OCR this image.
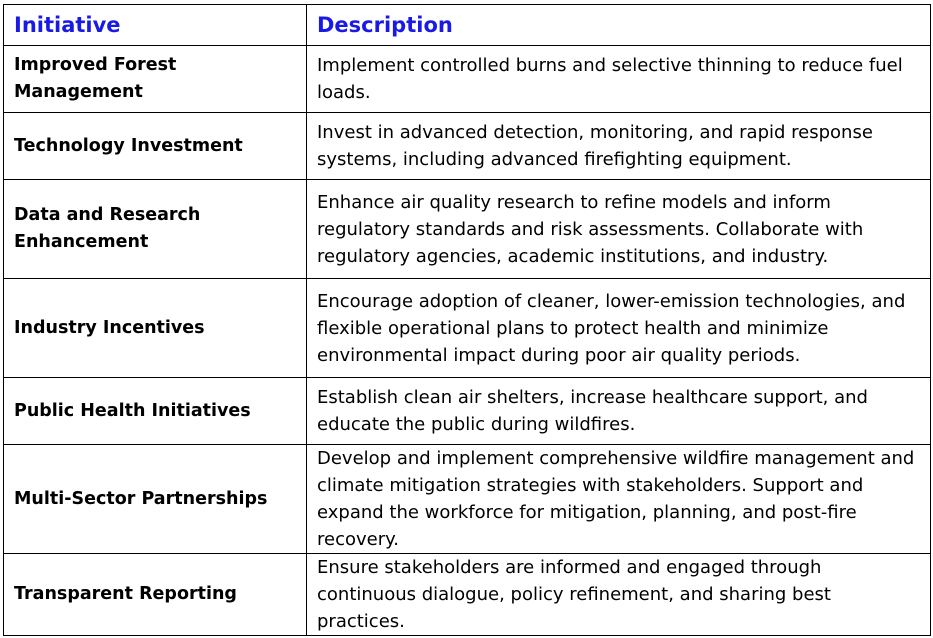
Initiative	Description
Improved Forest Management	Implement controlled burns and selective thinning to reduce fuel loads.
Technology Investment	Invest in advanced detection, monitoring, and rapid response systems, including advanced firefighting equipment.
Data and Research Enhancement	Enhance air quality research to refine models and inform regulatory standards and risk assessments. Collaborate with regulatory agencies, academic institutions, and industry.
Industry Incentives	Encourage adoption of cleaner, lower-emission technologies, and flexible operational plans to protect health and minimize environmental impact during poor air quality periods.
Public Health Initiatives	Establish clean air shelters, increase healthcare support, and educate the public during wildfires.
Multi-Sector Partnerships	Develop and implement comprehensive wildfire management and climate mitigation strategies with stakeholders. Support and expand the workforce for mitigation, planning, and post-fire recovery.
Transparent Reporting	Ensure stakeholders are informed and engaged through continuous dialogue, policy refinement, and sharing best practices.
